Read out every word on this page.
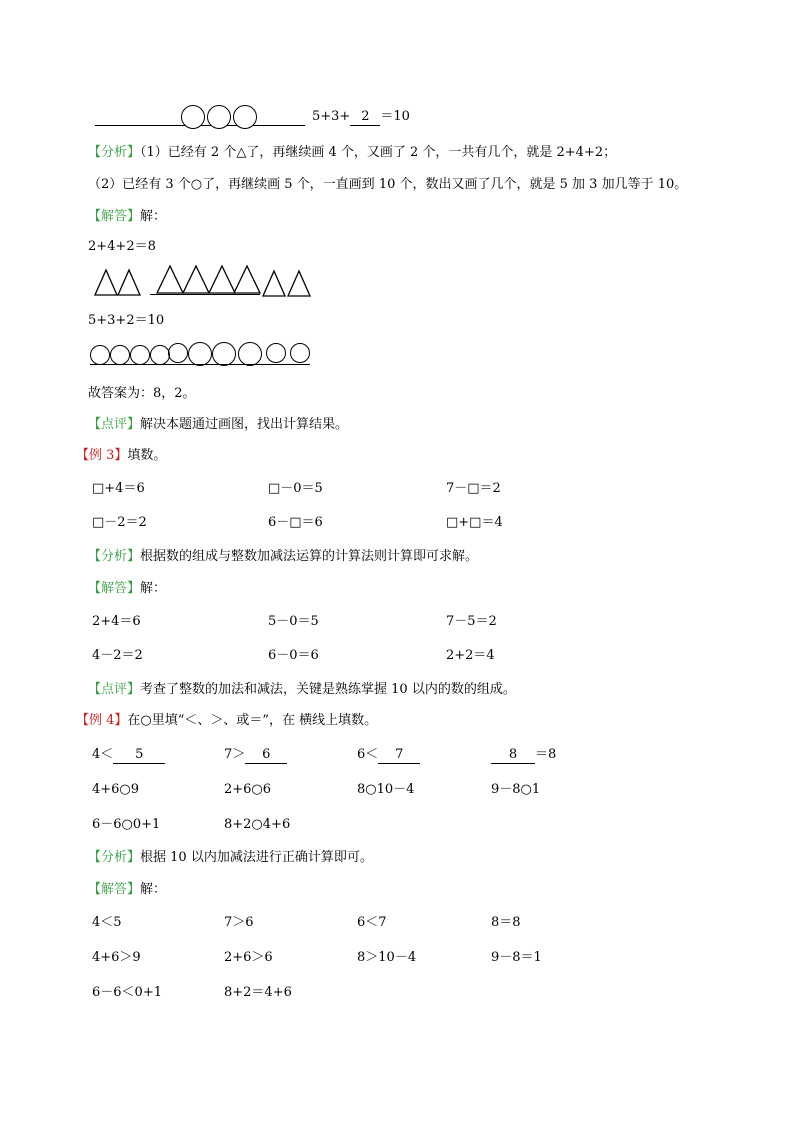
5+3+ 2 ＝10
【分析】（1）已经有 2 个△了，再继续画 4 个，又画了 2 个，一共有几个，就是 2+4+2；
（2）已经有 3 个○了，再继续画 5 个，一直画到 10 个，数出又画了几个，就是 5 加 3 加几等于 10。
【解答】解：
2+4+2＝8
5+3+2＝10
故答案为：8，2。
【点评】解决本题通过画图，找出计算结果。
【例 3】填数。
□+4＝6	□－0＝5	7－□＝2
□－2＝2	6－□＝6	□+□＝4
【分析】根据数的组成与整数加减法运算的计算法则计算即可求解。
【解答】解：
2+4＝6	5－0＝5	7－5＝2
4－2＝2	6－0＝6	2+2＝4
【点评】考查了整数的加法和减法，关键是熟练掌握 10 以内的数的组成。
【例 4】在○里填“＜、＞、或＝”，在 横线上填数。
4＜ 5	7＞ 6	6＜ 7	8 ＝8
4+6○9	2+6○6	8○10－4	9－8○1
6－6○0+1	8+2○4+6
【分析】根据 10 以内加减法进行正确计算即可。
【解答】解：
4＜5	7＞6	6＜7	8＝8
4+6＞9	2+6＞6	8＞10－4	9－8＝1
6－6＜0+1	8+2＝4+6
